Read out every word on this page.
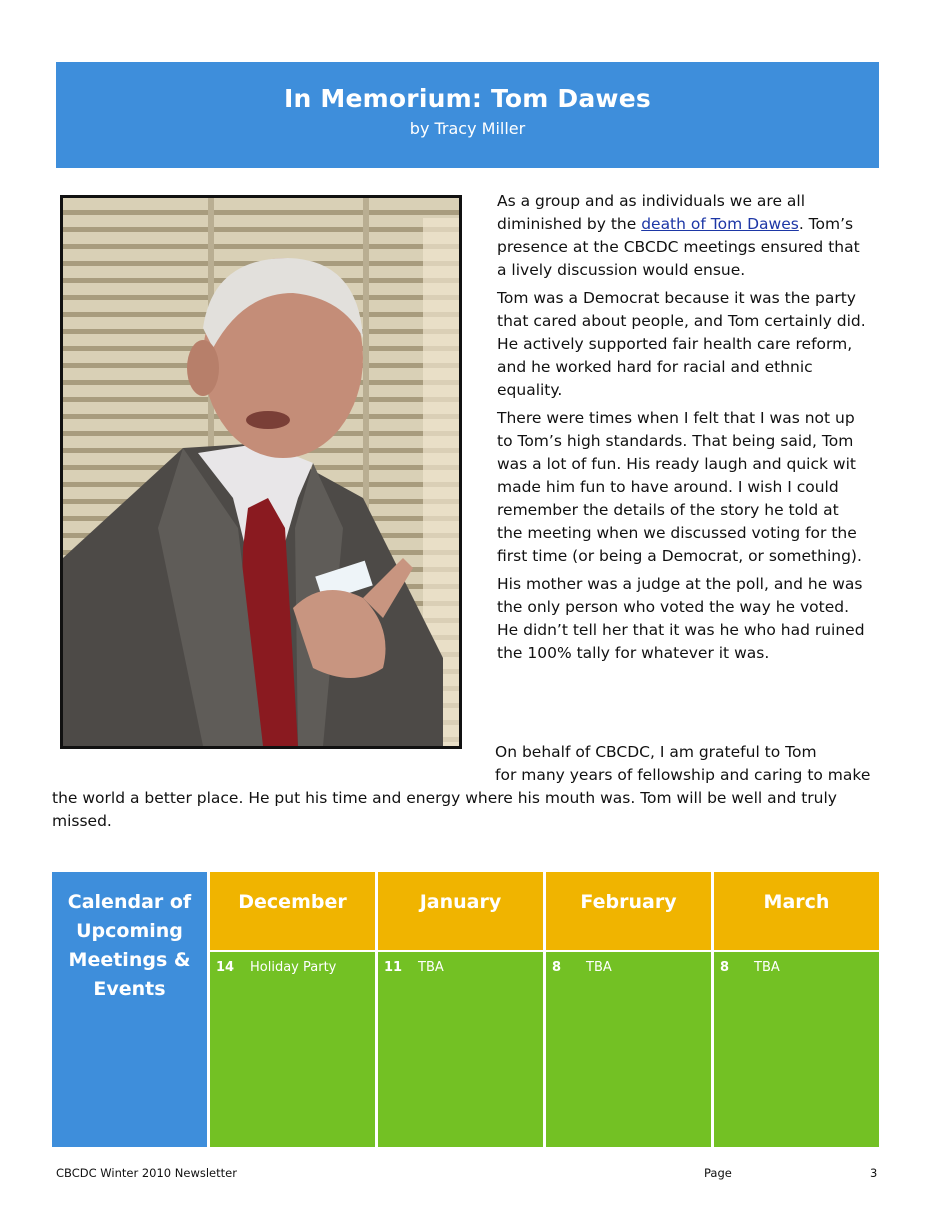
In Memorium: Tom Dawes
by Tracy Miller

As a group and as individuals we are all diminished by the death of Tom Dawes. Tom’s presence at the CBCDC meetings ensured that a lively discussion would ensue.

Tom was a Democrat because it was the party that cared about people, and Tom certainly did. He actively supported fair health care reform, and he worked hard for racial and ethnic equality.

There were times when I felt that I was not up to Tom’s high standards. That being said, Tom was a lot of fun. His ready laugh and quick wit made him fun to have around. I wish I could remember the details of the story he told at the meeting when we discussed voting for the first time (or being a Democrat, or something).

His mother was a judge at the poll, and he was the only person who voted the way he voted. He didn’t tell her that it was he who had ruined the 100% tally for whatever it was.

On behalf of CBCDC, I am grateful to Tom
for many years of fellowship and caring to make the world a better place. He put his time and energy where his mouth was. Tom will be well and truly missed.
Calendar of Upcoming Meetings & Events
December
14 Holiday Party
January
11 TBA
February
8 TBA
March
8 TBA
CBCDC Winter 2010 Newsletter	Page	3
